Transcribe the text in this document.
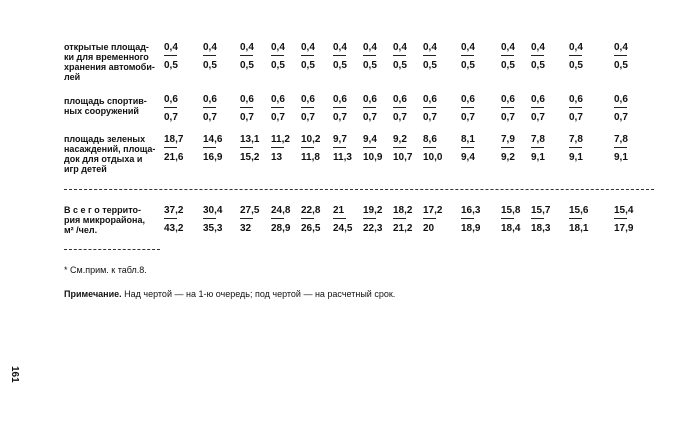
открытые площад-
ки для временного
хранения автомоби-
лей
0,4
0,5
0,4
0,5
0,4
0,5
0,4
0,5
0,4
0,5
0,4
0,5
0,4
0,5
0,4
0,5
0,4
0,5
0,4
0,5
0,4
0,5
0,4
0,5
0,4
0,5
0,4
0,5
площадь спортив-
ных сооружений
0,6
0,7
0,6
0,7
0,6
0,7
0,6
0,7
0,6
0,7
0,6
0,7
0,6
0,7
0,6
0,7
0,6
0,7
0,6
0,7
0,6
0,7
0,6
0,7
0,6
0,7
0,6
0,7
площадь зеленых
насаждений, площа-
док для отдыха и
игр детей
18,7
21,6
14,6
16,9
13,1
15,2
11,2
13
10,2
11,8
9,7
11,3
9,4
10,9
9,2
10,7
8,6
10,0
8,1
9,4
7,9
9,2
7,8
9,1
7,8
9,1
7,8
9,1
В с е г о террито-
рия микрорайона,
м² /чел.
37,2
43,2
30,4
35,3
27,5
32
24,8
28,9
22,8
26,5
21
24,5
19,2
22,3
18,2
21,2
17,2
20
16,3
18,9
15,8
18,4
15,7
18,3
15,6
18,1
15,4
17,9
* См.прим. к табл.8.
Примечание. Над чертой — на 1-ю очередь; под чертой — на расчетный срок.
161
